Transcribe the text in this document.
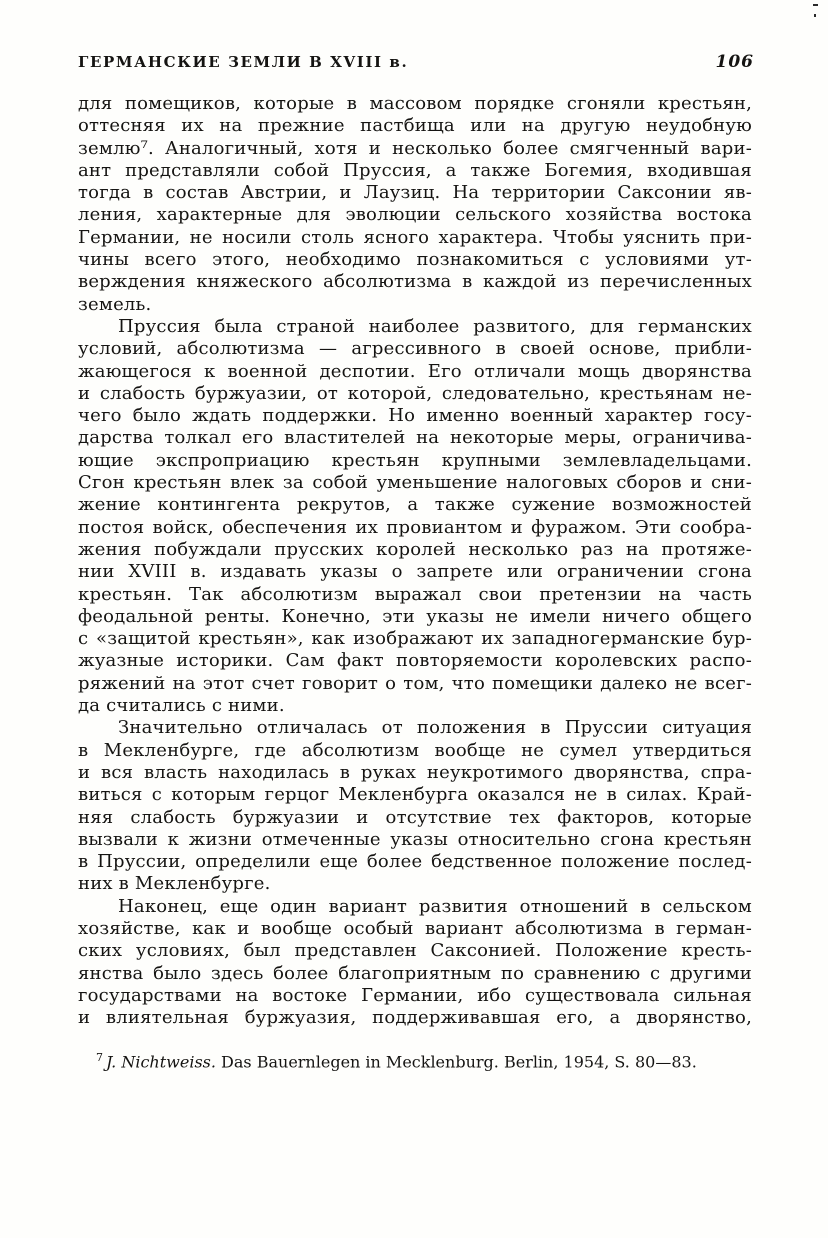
ГЕРМАНСКИЕ ЗЕМЛИ В XVIII в.	106
для помещиков, которые в массовом порядке сгоняли крестьян,
оттесняя их на прежние пастбища или на другую неудобную
землю⁷. Аналогичный, хотя и несколько более смягченный вари-
ант представляли собой Пруссия, а также Богемия, входившая
тогда в состав Австрии, и Лаузиц. На территории Саксонии яв-
ления, характерные для эволюции сельского хозяйства востока
Германии, не носили столь ясного характера. Чтобы уяснить при-
чины всего этого, необходимо познакомиться с условиями ут-
верждения княжеского абсолютизма в каждой из перечисленных
земель.
Пруссия была страной наиболее развитого, для германских
условий, абсолютизма — агрессивного в своей основе, прибли-
жающегося к военной деспотии. Его отличали мощь дворянства
и слабость буржуазии, от которой, следовательно, крестьянам не-
чего было ждать поддержки. Но именно военный характер госу-
дарства толкал его властителей на некоторые меры, ограничива-
ющие экспроприацию крестьян крупными землевладельцами.
Сгон крестьян влек за собой уменьшение налоговых сборов и сни-
жение контингента рекрутов, а также сужение возможностей
постоя войск, обеспечения их провиантом и фуражом. Эти сообра-
жения побуждали прусских королей несколько раз на протяже-
нии XVIII в. издавать указы о запрете или ограничении сгона
крестьян. Так абсолютизм выражал свои претензии на часть
феодальной ренты. Конечно, эти указы не имели ничего общего
с «защитой крестьян», как изображают их западногерманские бур-
жуазные историки. Сам факт повторяемости королевских распо-
ряжений на этот счет говорит о том, что помещики далеко не всег-
да считались с ними.
Значительно отличалась от положения в Пруссии ситуация
в Мекленбурге, где абсолютизм вообще не сумел утвердиться
и вся власть находилась в руках неукротимого дворянства, спра-
виться с которым герцог Мекленбурга оказался не в силах. Край-
няя слабость буржуазии и отсутствие тех факторов, которые
вызвали к жизни отмеченные указы относительно сгона крестьян
в Пруссии, определили еще более бедственное положение послед-
них в Мекленбурге.
Наконец, еще один вариант развития отношений в сельском
хозяйстве, как и вообще особый вариант абсолютизма в герман-
ских условиях, был представлен Саксонией. Положение кресть-
янства было здесь более благоприятным по сравнению с другими
государствами на востоке Германии, ибо существовала сильная
и влиятельная буржуазия, поддерживавшая его, а дворянство,
$^7$ J. Nichtweiss. Das Bauernlegen in Mecklenburg. Berlin, 1954, S. 80—83.
